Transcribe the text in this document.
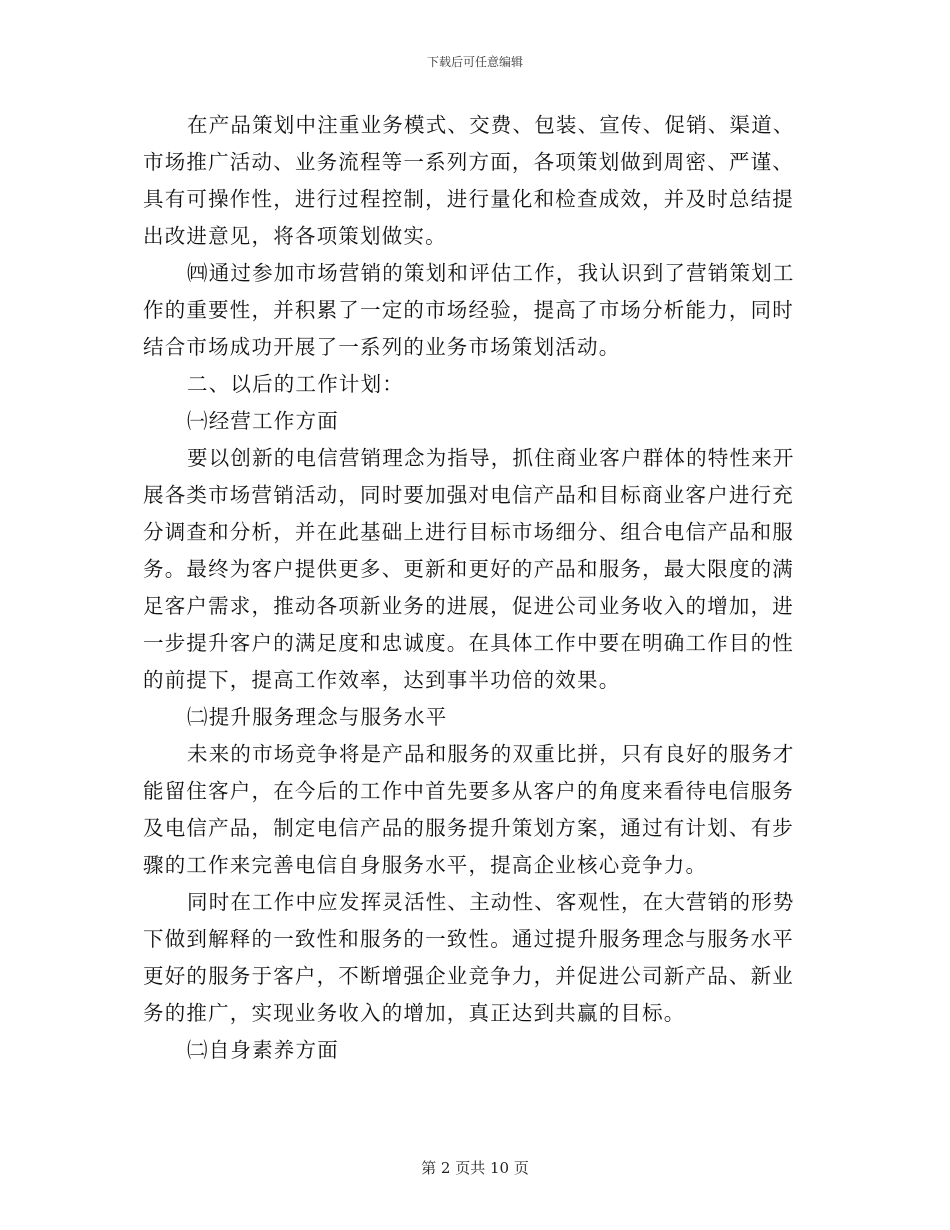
下载后可任意编辑

在产品策划中注重业务模式、交费、包装、宣传、促销、渠道、
市场推广活动、业务流程等一系列方面，各项策划做到周密、严谨、
具有可操作性，进行过程控制，进行量化和检查成效，并及时总结提
出改进意见，将各项策划做实。

㈣通过参加市场营销的策划和评估工作，我认识到了营销策划工
作的重要性，并积累了一定的市场经验，提高了市场分析能力，同时
结合市场成功开展了一系列的业务市场策划活动。

二、以后的工作计划：

㈠经营工作方面

要以创新的电信营销理念为指导，抓住商业客户群体的特性来开
展各类市场营销活动，同时要加强对电信产品和目标商业客户进行充
分调查和分析，并在此基础上进行目标市场细分、组合电信产品和服
务。最终为客户提供更多、更新和更好的产品和服务，最大限度的满
足客户需求，推动各项新业务的进展，促进公司业务收入的增加，进
一步提升客户的满足度和忠诚度。在具体工作中要在明确工作目的性
的前提下，提高工作效率，达到事半功倍的效果。

㈡提升服务理念与服务水平

未来的市场竞争将是产品和服务的双重比拼，只有良好的服务才
能留住客户，在今后的工作中首先要多从客户的角度来看待电信服务
及电信产品，制定电信产品的服务提升策划方案，通过有计划、有步
骤的工作来完善电信自身服务水平，提高企业核心竞争力。

同时在工作中应发挥灵活性、主动性、客观性，在大营销的形势
下做到解释的一致性和服务的一致性。通过提升服务理念与服务水平
更好的服务于客户，不断增强企业竞争力，并促进公司新产品、新业
务的推广，实现业务收入的增加，真正达到共赢的目标。

㈡自身素养方面

第 2 页共 10 页
